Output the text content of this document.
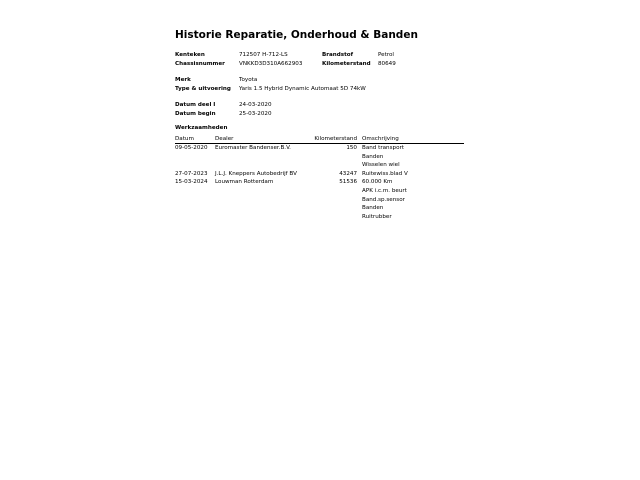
Historie Reparatie, Onderhoud & Banden
Kenteken	712507 H-712-LS	Brandstof	Petrol
Chassisnummer	VNKKD3D310A662903	Kilometerstand 80649
Merk	Toyota
Type & uitvoering Yaris 1.5 Hybrid Dynamic Automaat 5D 74kW
Datum deel I	24-03-2020
Datum begin	25-03-2020
Werkzaamheden
Datum	Dealer	Kilometerstand Omschrijving
09-05-2020 Euromaster Bandenser.B.V.	150 Band transport
Banden
Wisselen wiel
27-07-2023 J.L.J. Kneppers Autobedrijf BV	43247 Ruitewiss.blad V
15-03-2024 Louwman Rotterdam	51536 60.000 Km
APK i.c.m. beurt
Band.sp.sensor
Banden
Ruitrubber
